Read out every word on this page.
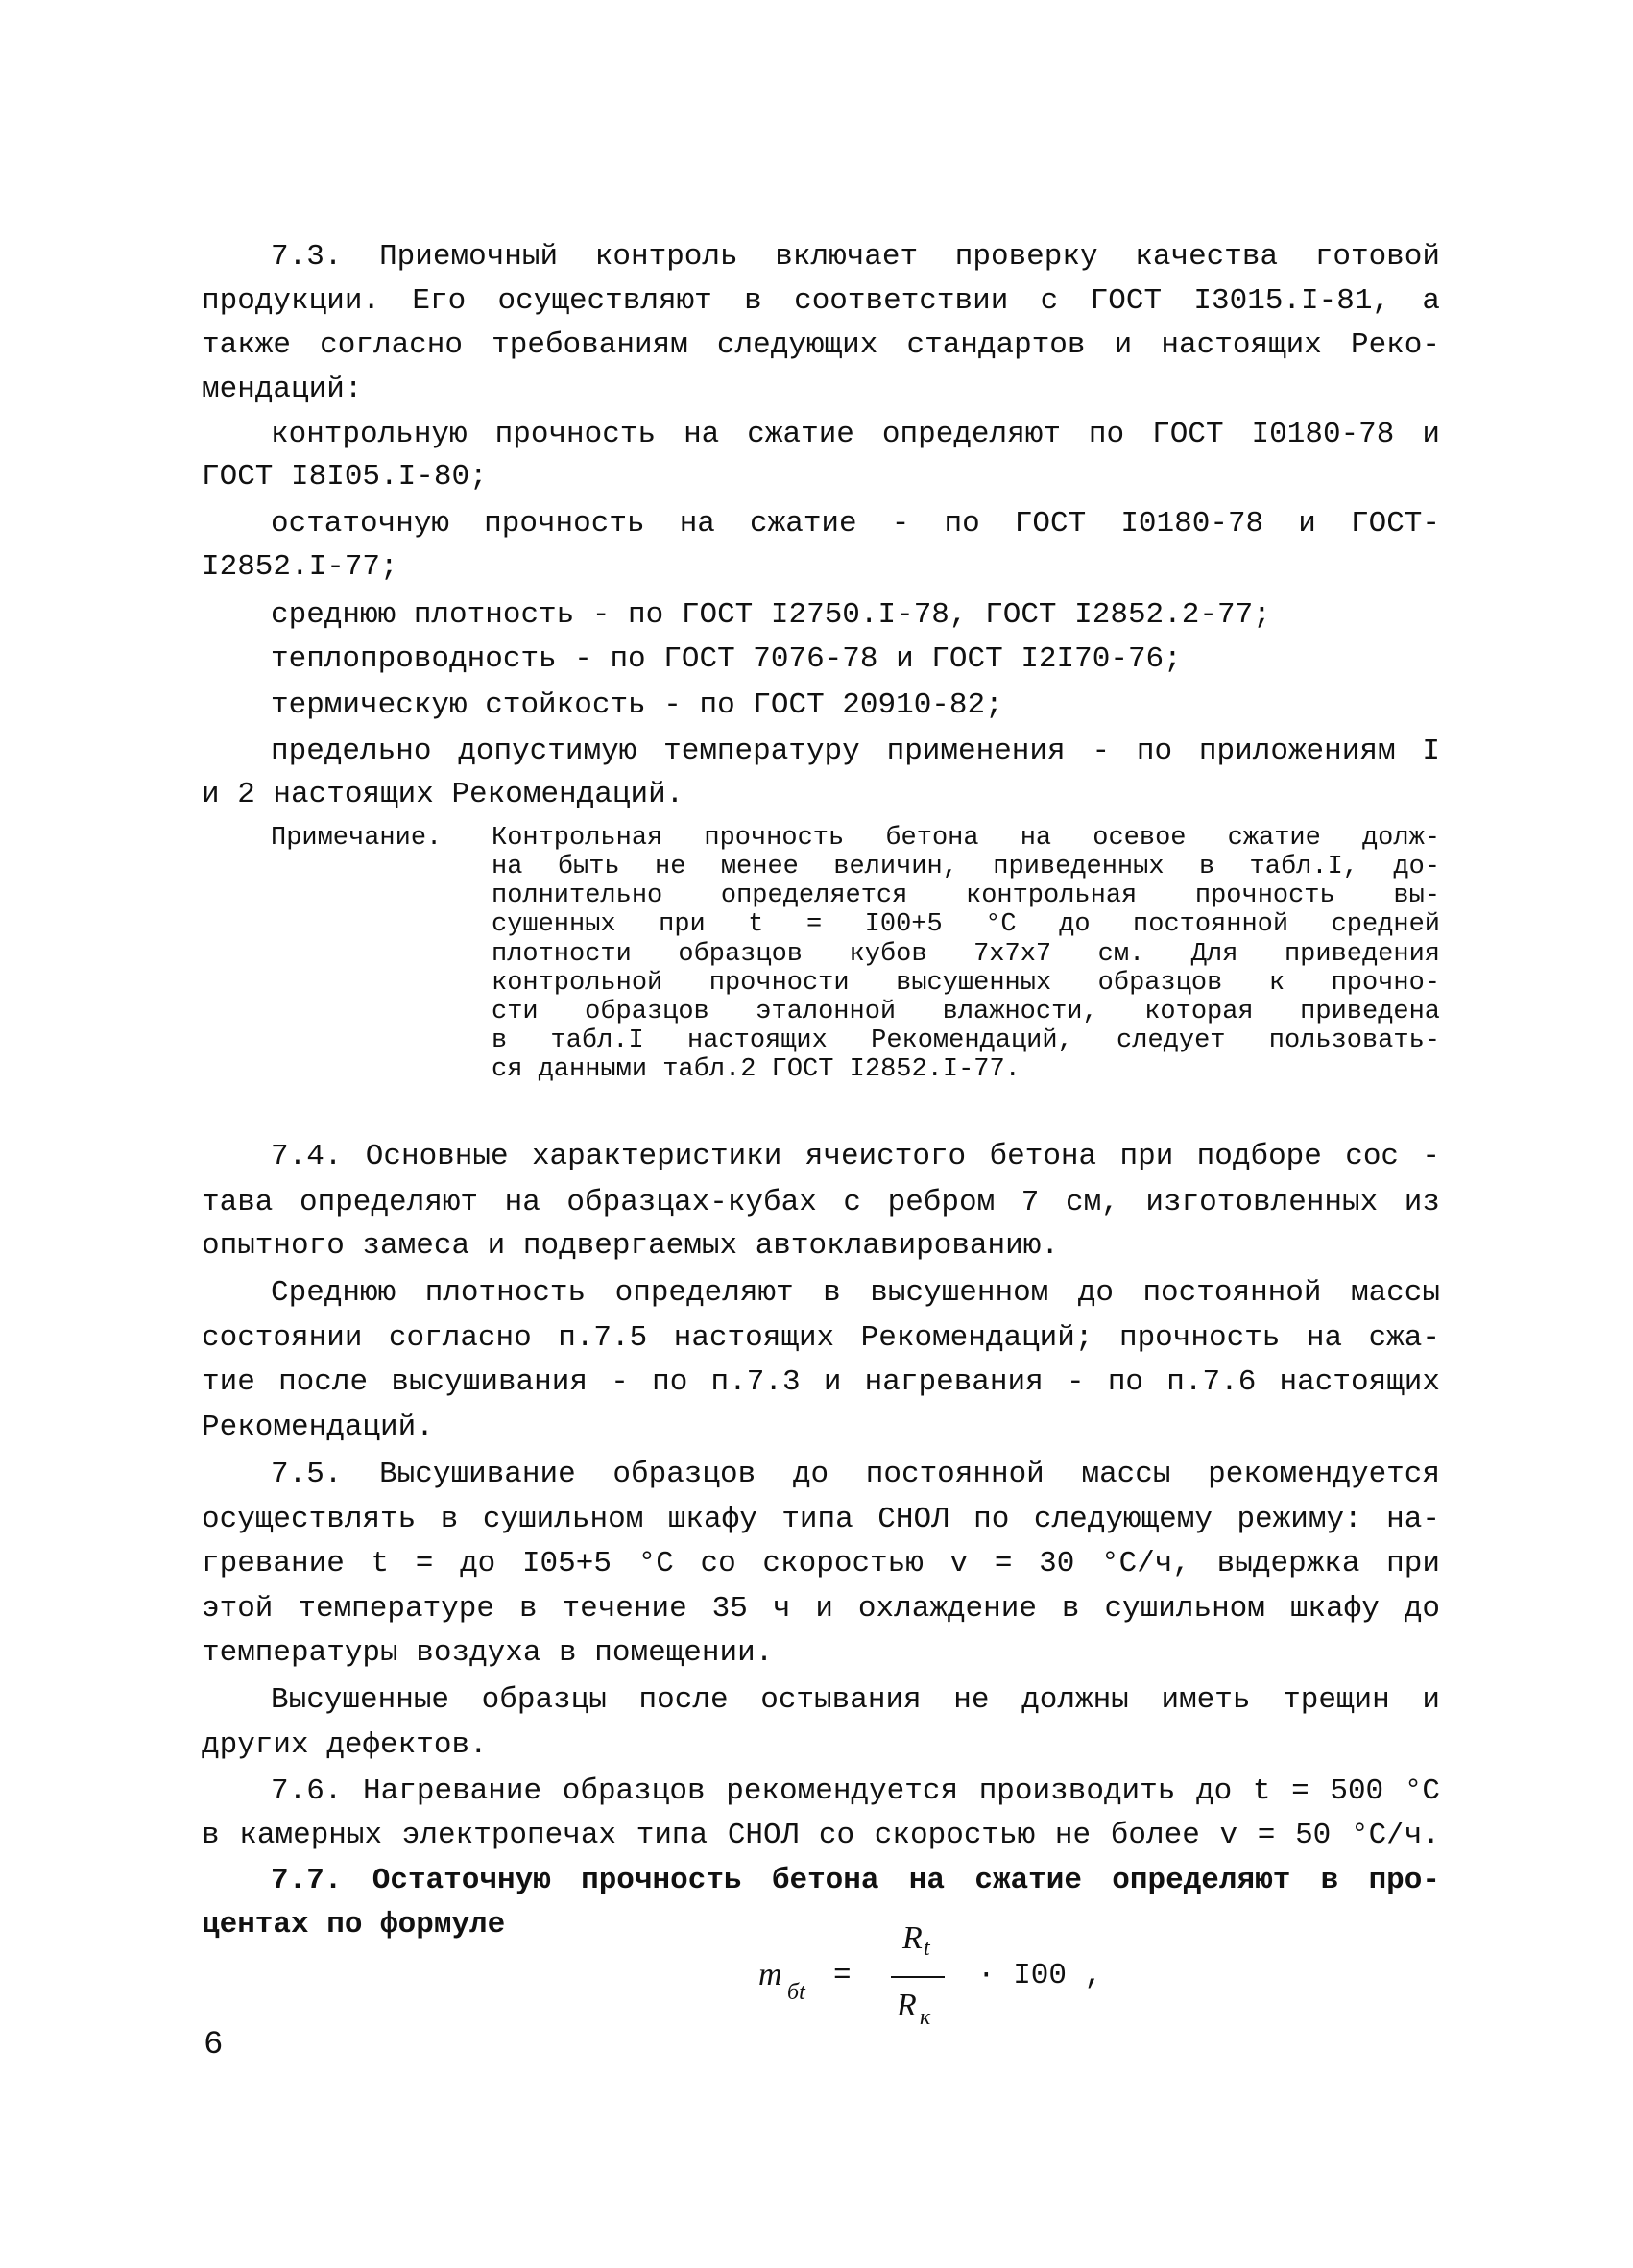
7.3. Приемочный контроль включает проверку качества готовой
продукции. Его осуществляют в соответствии с ГОСТ I3015.I-81, а
также согласно требованиям следующих стандартов и настоящих Реко-
мендаций:
контрольную прочность на сжатие определяют по ГОСТ I0180-78 и
ГОСТ I8I05.I-80;
остаточную прочность на сжатие - по ГОСТ I0180-78 и ГОСТ-
I2852.I-77;
среднюю плотность - по ГОСТ I2750.I-78, ГОСТ I2852.2-77;
теплопроводность - по ГОСТ 7076-78 и ГОСТ I2I70-76;
термическую стойкость - по ГОСТ 20910-82;
предельно допустимую температуру применения - по приложениям I
и 2 настоящих Рекомендаций.
Примечание. Контрольная прочность бетона на осевое сжатие долж-
на быть не менее величин, приведенных в табл.I, до-
полнительно определяется контрольная прочность вы-
сушенных при t = I00+5 °С до постоянной средней
плотности образцов кубов 7х7х7 см. Для приведения
контрольной прочности высушенных образцов к прочно-
сти образцов эталонной влажности, которая приведена
в табл.I настоящих Рекомендаций, следует пользовать-
ся данными табл.2 ГОСТ I2852.I-77.
7.4. Основные характеристики ячеистого бетона при подборе сос -
тава определяют на образцах-кубах с ребром 7 см, изготовленных из
опытного замеса и подвергаемых автоклавированию.
Среднюю плотность определяют в высушенном до постоянной массы
состоянии согласно п.7.5 настоящих Рекомендаций; прочность на сжа-
тие после высушивания - по п.7.3 и нагревания - по п.7.6 настоящих
Рекомендаций.
7.5. Высушивание образцов до постоянной массы рекомендуется
осуществлять в сушильном шкафу типа СНОЛ по следующему режиму: на-
гревание t = до I05+5 °С со скоростью v = 30 °С/ч, выдержка при
этой температуре в течение 35 ч и охлаждение в сушильном шкафу до
температуры воздуха в помещении.
Высушенные образцы после остывания не должны иметь трещин и
других дефектов.
7.6. Нагревание образцов рекомендуется производить до t = 500 °С
в камерных электропечах типа СНОЛ со скоростью не более v = 50 °С/ч.
7.7. Остаточную прочность бетона на сжатие определяют в про-
центах по формуле
m бt =
R t
R к
· I00 ,
6
